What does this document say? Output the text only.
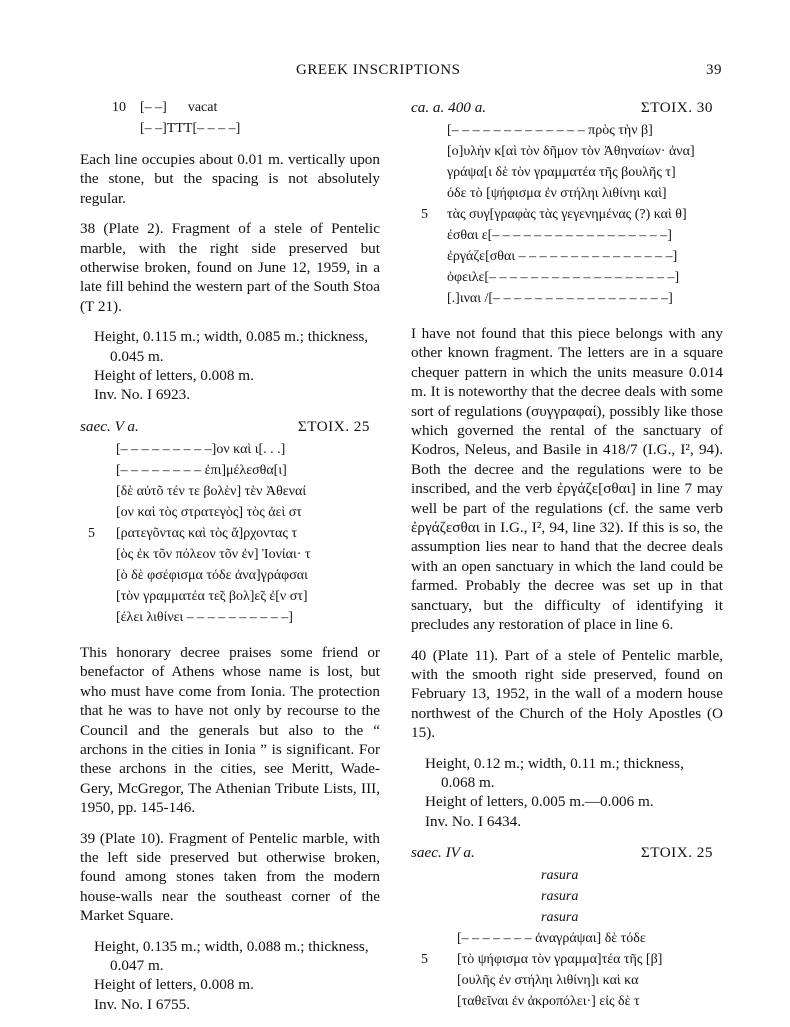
GREEK INSCRIPTIONS	39
10 [– –]      vacat
[– –]ΤΤΤ[– – – –]

Each line occupies about 0.01 m. vertically upon the stone, but the spacing is not absolutely regular.

38 (Plate 2). Fragment of a stele of Pentelic marble, with the right side preserved but otherwise broken, found on June 12, 1959, in a late fill behind the western part of the South Stoa (T 21).

Height, 0.115 m.; width, 0.085 m.; thickness,

0.045 m.

Height of letters, 0.008 m.

Inv. No. I 6923.

saec. V a.	ΣΤΟΙΧ. 25
[– – – – – – – – –]ον καὶ ι[. . .]
[– – – – – – – – ἐπι]μέλεσθα[ι]
[δὲ αὐτõ τέν τε βολὲν] τὲν Ἀθεναί
[ον καὶ τὸς στρατεγὸς] τὸς ἀεὶ στ
5 [ρατεγõντας καὶ τὸς ἄ]ρχοντας τ
[ὸς ἐκ τõν πόλεον τõν ἐν] Ἰονίαι· τ
[ὸ δὲ φσέφισμα τόδε ἀνα]γράφσαι
[τὸν γραμματέα τε̃ς βολ]ε̃ς ἐ[ν στ]
[έλει λιθίνει – – – – – – – – – –]

This honorary decree praises some friend or benefactor of Athens whose name is lost, but who must have come from Ionia. The protection that he was to have not only by recourse to the Council and the generals but also to the “ archons in the cities in Ionia ” is significant. For these archons in the cities, see Meritt, Wade-Gery, McGregor, The Athenian Tribute Lists, III, 1950, pp. 145-146.

39 (Plate 10). Fragment of Pentelic marble, with the left side preserved but otherwise broken, found among stones taken from the modern house-walls near the southeast corner of the Market Square.

Height, 0.135 m.; width, 0.088 m.; thickness,

0.047 m.

Height of letters, 0.008 m.

Inv. No. I 6755.

ca. a. 400 a.	ΣΤΟΙΧ. 30
[– – – – – – – – – – – – – πρὸς τὴν β]
[ο]υλὴν κ[αὶ τὸν δῆμον τὸν Ἀθηναίων· ἀνα]
γράψα[ι δὲ τὸν γραμματέα τῆς βουλῆς τ]
όδε τὸ [ψήφισμα ἐν στήληι λιθίνηι καὶ]
5 τὰς συγ[γραφὰς τὰς γεγενημένας (?) καὶ θ]
έσθαι ε[– – – – – – – – – – – – – – – – –]
ἐργάζε[σθαι – – – – – – – – – – – – – – –]
ὀφειλε[– – – – – – – – – – – – – – – – – –]
[.]ιναι /[– – – – – – – – – – – – – – – – –]

I have not found that this piece belongs with any other known fragment. The letters are in a square chequer pattern in which the units measure 0.014 m. It is noteworthy that the decree deals with some sort of regulations (συγγραφαί), possibly like those which governed the rental of the sanctuary of Kodros, Neleus, and Basile in 418/7 (I.G., I², 94). Both the decree and the regulations were to be inscribed, and the verb ἐργάζε[σθαι] in line 7 may well be part of the regulations (cf. the same verb ἐργάζεσθαι in I.G., I², 94, line 32). If this is so, the assumption lies near to hand that the decree deals with an open sanctuary in which the land could be farmed. Probably the decree was set up in that sanctuary, but the difficulty of identifying it precludes any restoration of place in line 6.

40 (Plate 11). Part of a stele of Pentelic marble, with the smooth right side preserved, found on February 13, 1952, in the wall of a modern house northwest of the Church of the Holy Apostles (O 15).

Height, 0.12 m.; width, 0.11 m.; thickness,

0.068 m.

Height of letters, 0.005 m.—0.006 m.

Inv. No. I 6434.

saec. IV a.	ΣΤΟΙΧ. 25
rasura
rasura
rasura
[– – – – – – – ἀναγράψαι] δὲ τόδε
5 [τὸ ψήφισμα τὸν γραμμα]τέα τῆς [β]
[ουλῆς ἐν στήληι λιθίνη]ι καὶ κα
[ταθεῖναι ἐν ἀκροπόλει·] εἰς δὲ τ
